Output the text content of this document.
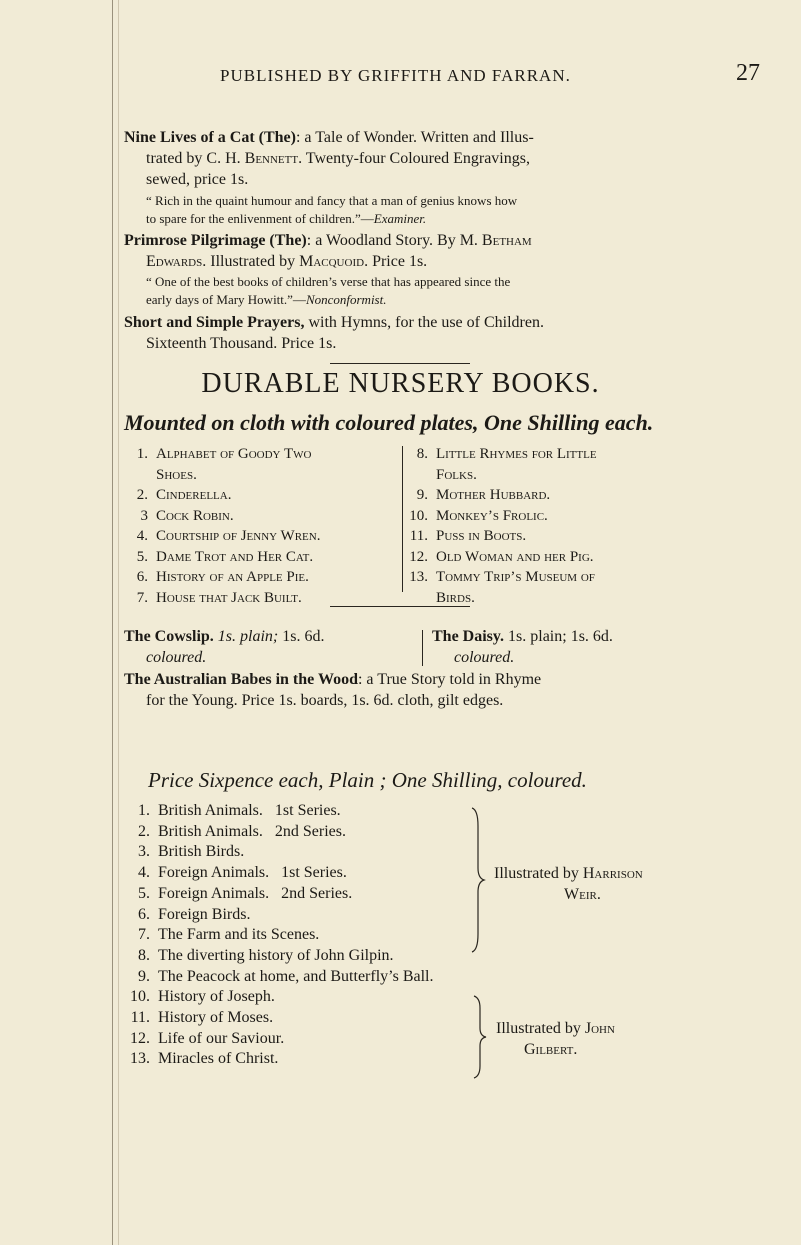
PUBLISHED BY GRIFFITH AND FARRAN.	27
Nine Lives of a Cat (The): a Tale of Wonder. Written and Illus-
trated by C. H. Bennett. Twenty-four Coloured Engravings,
sewed, price 1s.
“ Rich in the quaint humour and fancy that a man of genius knows how
to spare for the enlivenment of children.”—Examiner.
Primrose Pilgrimage (The): a Woodland Story. By M. Betham
Edwards. Illustrated by Macquoid. Price 1s.
“ One of the best books of children’s verse that has appeared since the
early days of Mary Howitt.”—Nonconformist.
Short and Simple Prayers, with Hymns, for the use of Children.
Sixteenth Thousand. Price 1s.
DURABLE NURSERY BOOKS.
Mounted on cloth with coloured plates, One Shilling each.
1. Alphabet of Goody Two
Shoes.
2. Cinderella.
3 Cock Robin.
4. Courtship of Jenny Wren.
5. Dame Trot and Her Cat.
6. History of an Apple Pie.
7. House that Jack Built.
8. Little Rhymes for Little
Folks.
9. Mother Hubbard.
10. Monkey’s Frolic.
11. Puss in Boots.
12. Old Woman and her Pig.
13. Tommy Trip’s Museum of
Birds.
The Cowslip. 1s. plain; 1s. 6d.
coloured.
The Daisy. 1s. plain; 1s. 6d.
coloured.
The Australian Babes in the Wood: a True Story told in Rhyme
for the Young. Price 1s. boards, 1s. 6d. cloth, gilt edges.
Price Sixpence each, Plain ; One Shilling, coloured.
1. British Animals. 1st Series.
2. British Animals. 2nd Series.
3. British Birds.
4. Foreign Animals. 1st Series.
5. Foreign Animals. 2nd Series.
6. Foreign Birds.
7. The Farm and its Scenes.
8. The diverting history of John Gilpin.
9. The Peacock at home, and Butterfly’s Ball.
10. History of Joseph.
11. History of Moses.
12. Life of our Saviour.
13. Miracles of Christ.
Illustrated by Harrison
Weir.
Illustrated by John
Gilbert.
